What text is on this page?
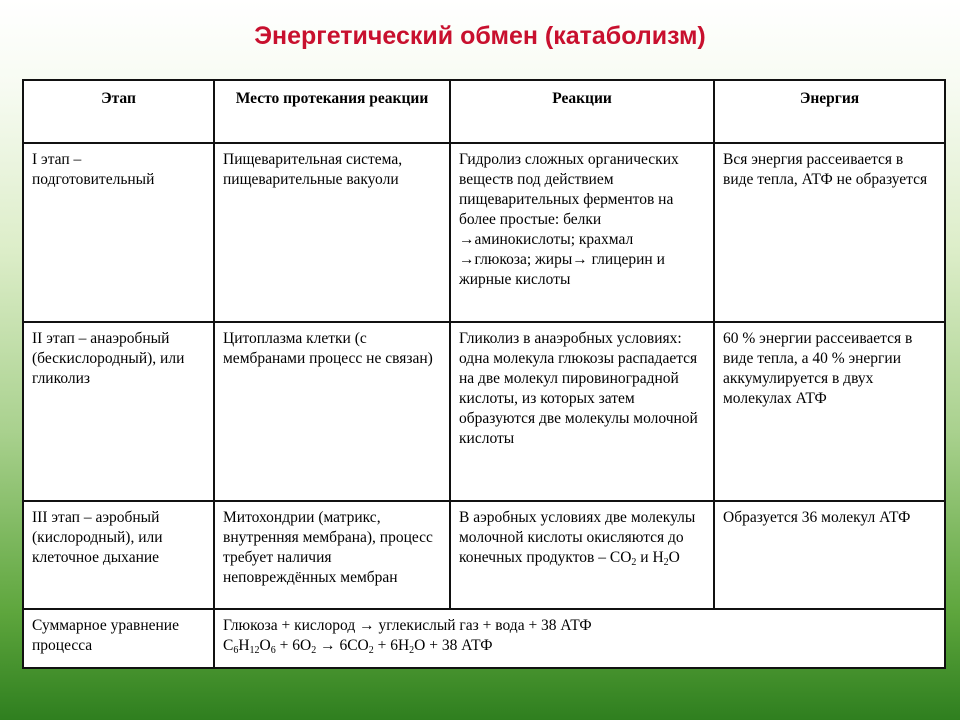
Энергетический обмен (катаболизм)
Этап	Место протекания реакции	Реакции	Энергия
I этап – подготовительный	Пищеварительная система, пищеварительные вакуоли	Гидролиз сложных органических веществ под действием пищеварительных ферментов на более простые: белки →аминокислоты; крахмал →глюкоза; жиры→ глицерин и жирные кислоты	Вся энергия рассеивается в виде тепла, АТФ не образуется
II этап – анаэробный (бескислородный), или гликолиз	Цитоплазма клетки (с мембранами процесс не связан)	Гликолиз в анаэробных условиях: одна молекула глюкозы распадается на две молекул пировиноградной кислоты, из которых затем образуются две молекулы молочной кислоты	60 % энергии рассеивается в виде тепла, а 40 % энергии аккумулируется в двух молекулах АТФ
III этап – аэробный (кислородный), или клеточное дыхание	Митохондрии (матрикс, внутренняя мембрана), процесс требует наличия неповреждённых мембран	В аэробных условиях две молекулы молочной кислоты окисляются до конечных продуктов – $СО_2$ и $Н_2О$	Образуется 36 молекул АТФ
Суммарное уравнение процесса	Глюкоза + кислород → углекислый газ + вода + 38 АТФ
$С_6Н_{12}О_6 + 6О_2 \to 6СО_2 + 6Н_2О + 38$ АТФ		
